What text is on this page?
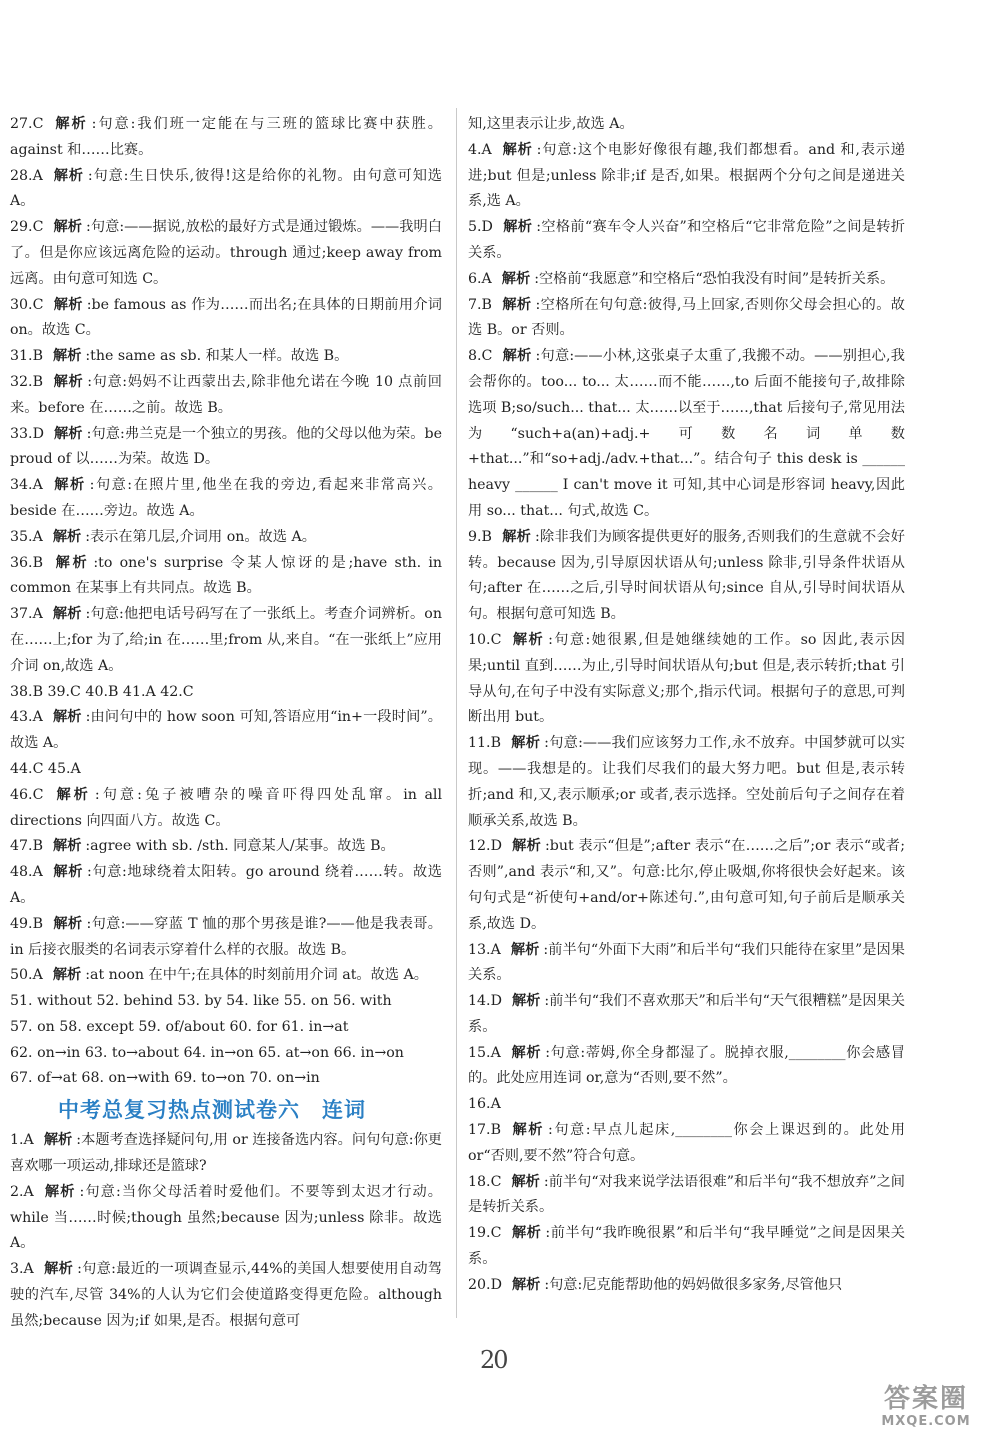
27.C 解析 :句意:我们班一定能在与三班的篮球比赛中获胜。against 和……比赛。
28.A 解析 :句意:生日快乐,彼得!这是给你的礼物。由句意可知选 A。
29.C 解析 :句意:——据说,放松的最好方式是通过锻炼。——我明白了。但是你应该远离危险的运动。through 通过;keep away from 远离。由句意可知选 C。
30.C 解析 :be famous as 作为……而出名;在具体的日期前用介词 on。故选 C。
31.B 解析 :the same as sb. 和某人一样。故选 B。
32.B 解析 :句意:妈妈不让西蒙出去,除非他允诺在今晚 10 点前回来。before 在……之前。故选 B。
33.D 解析 :句意:弗兰克是一个独立的男孩。他的父母以他为荣。be proud of 以……为荣。故选 D。
34.A 解析 :句意:在照片里,他坐在我的旁边,看起来非常高兴。beside 在……旁边。故选 A。
35.A 解析 :表示在第几层,介词用 on。故选 A。
36.B 解析 :to one's surprise 令某人惊讶的是;have sth. in common 在某事上有共同点。故选 B。
37.A 解析 :句意:他把电话号码写在了一张纸上。考查介词辨析。on 在……上;for 为了,给;in 在……里;from 从,来自。“在一张纸上”应用介词 on,故选 A。
38.B 39.C 40.B 41.A 42.C
43.A 解析 :由问句中的 how soon 可知,答语应用“in+一段时间”。故选 A。
44.C 45.A
46.C 解析 :句意:兔子被嘈杂的噪音吓得四处乱窜。in all directions 向四面八方。故选 C。
47.B 解析 :agree with sb. /sth. 同意某人/某事。故选 B。
48.A 解析 :句意:地球绕着太阳转。go around 绕着……转。故选 A。
49.B 解析 :句意:——穿蓝 T 恤的那个男孩是谁?——他是我表哥。in 后接衣服类的名词表示穿着什么样的衣服。故选 B。
50.A 解析 :at noon 在中午;在具体的时刻前用介词 at。故选 A。
51. without 52. behind 53. by 54. like 55. on 56. with
57. on 58. except 59. of/about 60. for 61. in→at
62. on→in 63. to→about 64. in→on 65. at→on 66. in→on
67. of→at 68. on→with 69. to→on 70. on→in
中考总复习热点测试卷六 连词
1.A 解析 :本题考查选择疑问句,用 or 连接备选内容。问句句意:你更喜欢哪一项运动,排球还是篮球?
2.A 解析 :句意:当你父母活着时爱他们。不要等到太迟才行动。while 当……时候;though 虽然;because 因为;unless 除非。故选 A。
3.A 解析 :句意:最近的一项调查显示,44%的美国人想要使用自动驾驶的汽车,尽管 34%的人认为它们会使道路变得更危险。although 虽然;because 因为;if 如果,是否。根据句意可
知,这里表示让步,故选 A。
4.A 解析 :句意:这个电影好像很有趣,我们都想看。and 和,表示递进;but 但是;unless 除非;if 是否,如果。根据两个分句之间是递进关系,选 A。
5.D 解析 :空格前“赛车令人兴奋”和空格后“它非常危险”之间是转折关系。
6.A 解析 :空格前“我愿意”和空格后“恐怕我没有时间”是转折关系。
7.B 解析 :空格所在句句意:彼得,马上回家,否则你父母会担心的。故选 B。or 否则。
8.C 解析 :句意:——小林,这张桌子太重了,我搬不动。——别担心,我会帮你的。too... to... 太……而不能……,to 后面不能接句子,故排除选项 B;so/such... that... 太……以至于……,that 后接句子,常见用法为“such+a(an)+adj.+可数名词单数+that...”和“so+adj./adv.+that...”。结合句子 this desk is ______ heavy ______ I can't move it 可知,其中心词是形容词 heavy,因此用 so... that... 句式,故选 C。
9.B 解析 :除非我们为顾客提供更好的服务,否则我们的生意就不会好转。because 因为,引导原因状语从句;unless 除非,引导条件状语从句;after 在……之后,引导时间状语从句;since 自从,引导时间状语从句。根据句意可知选 B。
10.C 解析 :句意:她很累,但是她继续她的工作。so 因此,表示因果;until 直到……为止,引导时间状语从句;but 但是,表示转折;that 引导从句,在句子中没有实际意义;那个,指示代词。根据句子的意思,可判断出用 but。
11.B 解析 :句意:——我们应该努力工作,永不放弃。中国梦就可以实现。——我想是的。让我们尽我们的最大努力吧。but 但是,表示转折;and 和,又,表示顺承;or 或者,表示选择。空处前后句子之间存在着顺承关系,故选 B。
12.D 解析 :but 表示“但是”;after 表示“在……之后”;or 表示“或者;否则”,and 表示“和,又”。句意:比尔,停止吸烟,你将很快会好起来。该句句式是“祈使句+and/or+陈述句.”,由句意可知,句子前后是顺承关系,故选 D。
13.A 解析 :前半句“外面下大雨”和后半句“我们只能待在家里”是因果关系。
14.D 解析 :前半句“我们不喜欢那天”和后半句“天气很糟糕”是因果关系。
15.A 解析 :句意:蒂姆,你全身都湿了。脱掉衣服,________你会感冒的。此处应用连词 or,意为“否则,要不然”。
16.A
17.B 解析 :句意:早点儿起床,________你会上课迟到的。此处用 or“否则,要不然”符合句意。
18.C 解析 :前半句“对我来说学法语很难”和后半句“我不想放弃”之间是转折关系。
19.C 解析 :前半句“我昨晚很累”和后半句“我早睡觉”之间是因果关系。
20.D 解析 :句意:尼克能帮助他的妈妈做很多家务,尽管他只
20
答案圈
MXQE.COM
